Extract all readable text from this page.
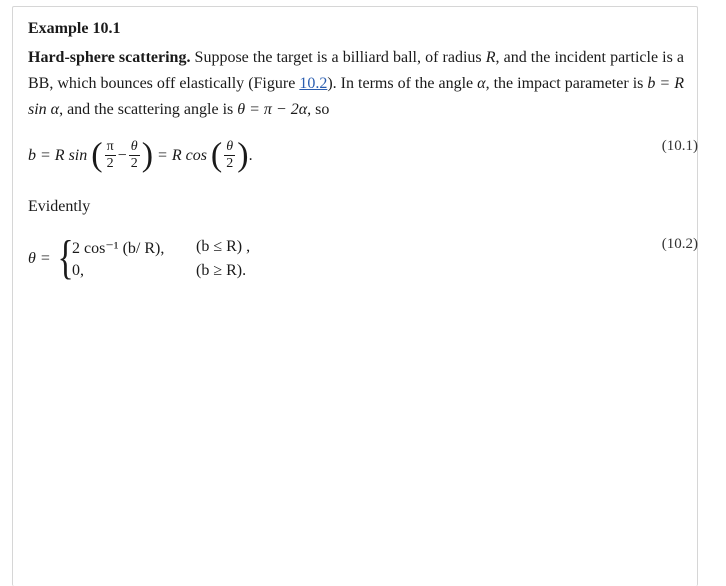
Example 10.1
Hard-sphere scattering. Suppose the target is a billiard ball, of radius R, and the incident particle is a BB, which bounces off elastically (Figure 10.2). In terms of the angle α, the impact parameter is b = R sin α, and the scattering angle is θ = π − 2α, so
b = R sin ( $\frac{\pi}{2} - \frac{\theta}{2}$ ) = R cos ( $\frac{\theta}{2}$ ).
(10.1)
Evidently
θ = {
2 cos⁻¹ (b/ R), (b ≤ R) ,
0,	(b ≥ R).
(10.2)
